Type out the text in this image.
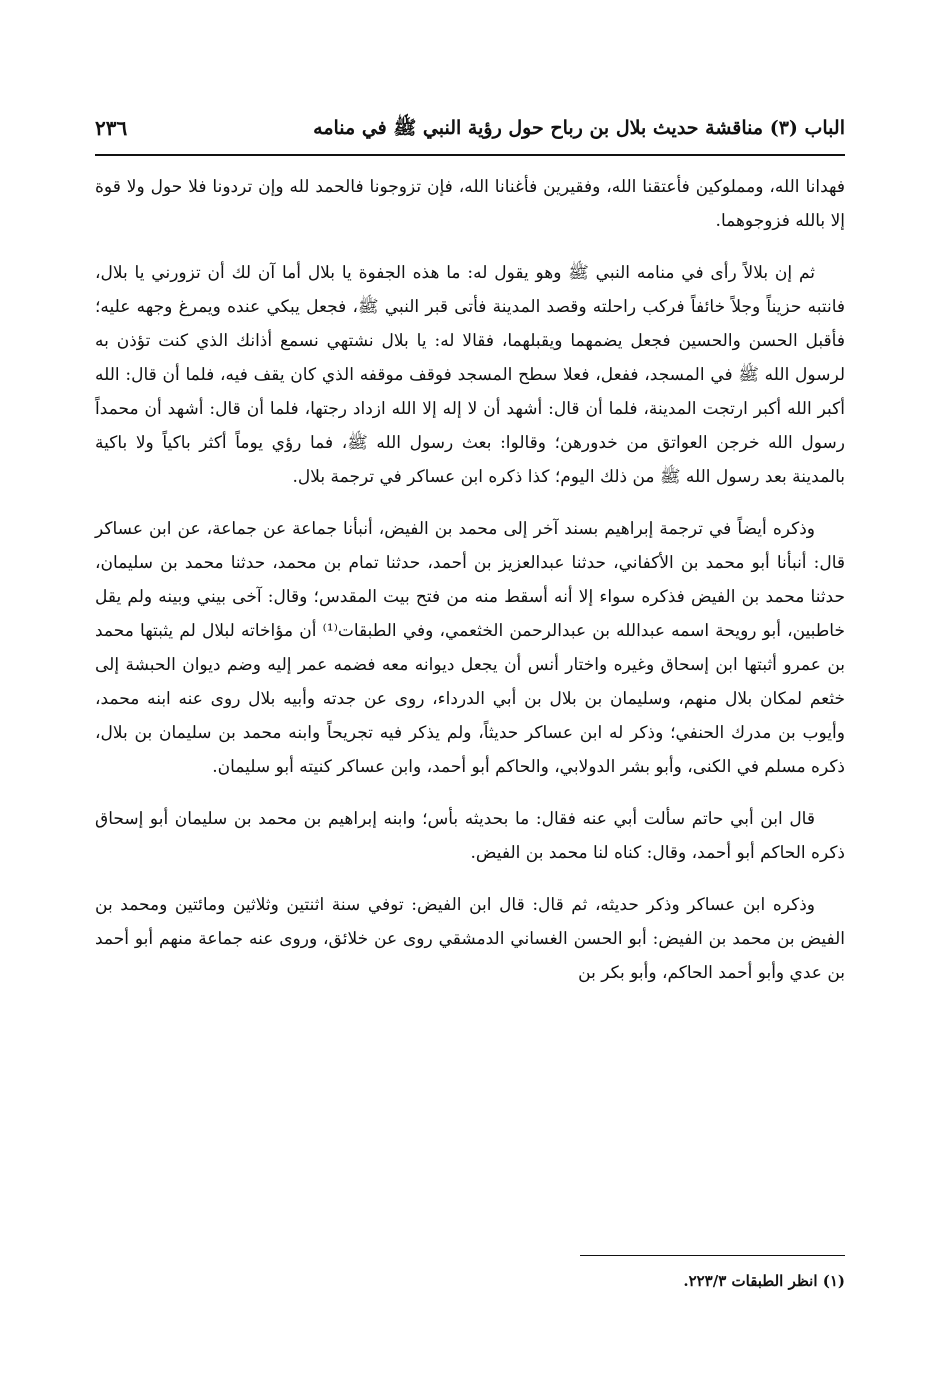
الباب (٣) مناقشة حديث بلال بن رباح حول رؤية النبي ﷺ في منامه
٢٣٦

فهدانا الله، ومملوكين فأعتقنا الله، وفقيرين فأغنانا الله، فإن تزوجونا فالحمد لله وإن تردونا فلا حول ولا قوة إلا بالله فزوجوهما.

ثم إن بلالاً رأى في منامه النبي ﷺ وهو يقول له: ما هذه الجفوة يا بلال أما آن لك أن تزورني يا بلال، فانتبه حزيناً وجلاً خائفاً فركب راحلته وقصد المدينة فأتى قبر النبي ﷺ، فجعل يبكي عنده ويمرغ وجهه عليه؛ فأقبل الحسن والحسين فجعل يضمهما ويقبلهما، فقالا له: يا بلال نشتهي نسمع أذانك الذي كنت تؤذن به لرسول الله ﷺ في المسجد، ففعل، فعلا سطح المسجد فوقف موقفه الذي كان يقف فيه، فلما أن قال: الله أكبر الله أكبر ارتجت المدينة، فلما أن قال: أشهد أن لا إله إلا الله ازداد رجتها، فلما أن قال: أشهد أن محمداً رسول الله خرجن العواتق من خدورهن؛ وقالوا: بعث رسول الله ﷺ، فما رؤي يوماً أكثر باكياً ولا باكية بالمدينة بعد رسول الله ﷺ من ذلك اليوم؛ كذا ذكره ابن عساكر في ترجمة بلال.

وذكره أيضاً في ترجمة إبراهيم بسند آخر إلى محمد بن الفيض، أنبأنا جماعة عن جماعة، عن ابن عساكر قال: أنبأنا أبو محمد بن الأكفاني، حدثنا عبدالعزيز بن أحمد، حدثنا تمام بن محمد، حدثنا محمد بن سليمان، حدثنا محمد بن الفيض فذكره سواء إلا أنه أسقط منه من فتح بيت المقدس؛ وقال: آخى بيني وبينه ولم يقل خاطبين، أبو رويحة اسمه عبدالله بن عبدالرحمن الخثعمي، وفي الطبقات⁽¹⁾ أن مؤاخاته لبلال لم يثبتها محمد بن عمرو أثبتها ابن إسحاق وغيره واختار أنس أن يجعل ديوانه معه فضمه عمر إليه وضم ديوان الحبشة إلى خثعم لمكان بلال منهم، وسليمان بن بلال بن أبي الدرداء، روى عن جدته وأبيه بلال روى عنه ابنه محمد، وأيوب بن مدرك الحنفي؛ وذكر له ابن عساكر حديثاً، ولم يذكر فيه تجريحاً وابنه محمد بن سليمان بن بلال، ذكره مسلم في الكنى، وأبو بشر الدولابي، والحاكم أبو أحمد، وابن عساكر كنيته أبو سليمان.

قال ابن أبي حاتم سألت أبي عنه فقال: ما بحديثه بأس؛ وابنه إبراهيم بن محمد بن سليمان أبو إسحاق ذكره الحاكم أبو أحمد، وقال: كناه لنا محمد بن الفيض.

وذكره ابن عساكر وذكر حديثه، ثم قال: قال ابن الفيض: توفي سنة اثنتين وثلاثين ومائتين ومحمد بن الفيض بن محمد بن الفيض: أبو الحسن الغساني الدمشقي روى عن خلائق، وروى عنه جماعة منهم أبو أحمد بن عدي وأبو أحمد الحاكم، وأبو بكر بن

(١) انظر الطبقات ٢٢٣/٣.
